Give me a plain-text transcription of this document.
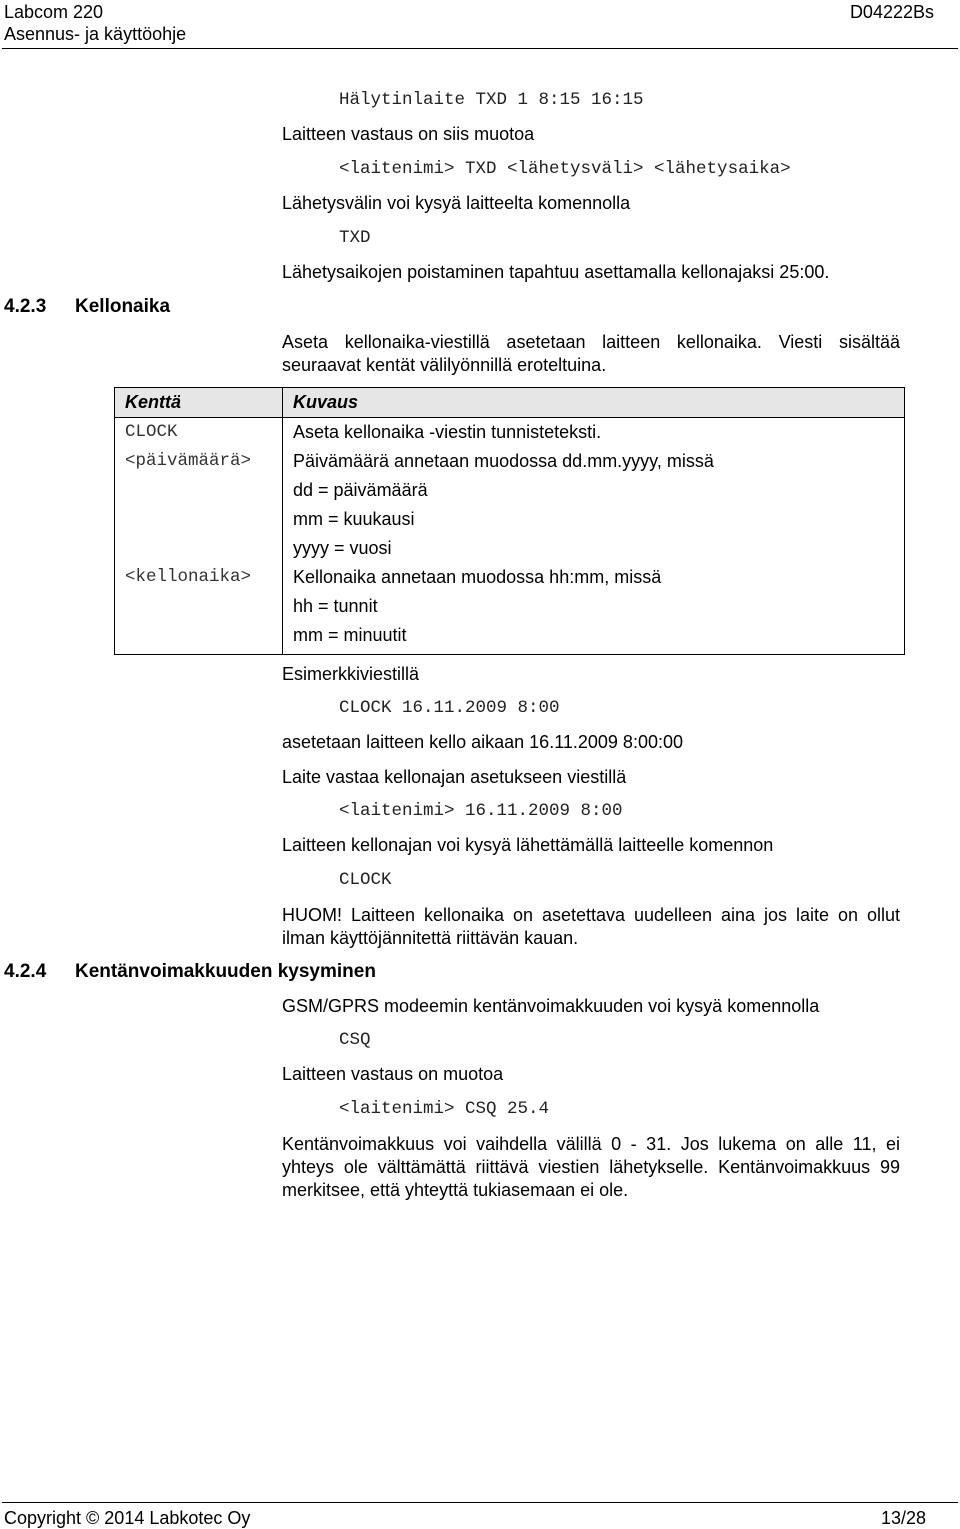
Labcom 220
Asennus- ja käyttöohje
D04222Bs
Hälytinlaite TXD 1 8:15 16:15
Laitteen vastaus on siis muotoa
<laitenimi> TXD <lähetysväli> <lähetysaika>
Lähetysvälin voi kysyä laitteelta komennolla
TXD
Lähetysaikojen poistaminen tapahtuu asettamalla kellonajaksi 25:00.
4.2.3 Kellonaika
Aseta kellonaika-viestillä asetetaan laitteen kellonaika. Viesti sisältää seuraavat kentät välilyönnillä eroteltuina.
Kenttä	Kuvaus

CLOCK	Aseta kellonaika -viestin tunnisteteksti.

<päivämäärä>	Päivämäärä annetaan muodossa dd.mm.yyyy, missä
dd = päivämäärä
mm = kuukausi
yyyy = vuosi

<kellonaika>	Kellonaika annetaan muodossa hh:mm, missä
hh = tunnit
mm = minuutit
Esimerkkiviestillä
CLOCK 16.11.2009 8:00
asetetaan laitteen kello aikaan 16.11.2009 8:00:00
Laite vastaa kellonajan asetukseen viestillä
<laitenimi> 16.11.2009 8:00
Laitteen kellonajan voi kysyä lähettämällä laitteelle komennon
CLOCK
HUOM! Laitteen kellonaika on asetettava uudelleen aina jos laite on ollut ilman käyttöjännitettä riittävän kauan.
4.2.4 Kentänvoimakkuuden kysyminen
GSM/GPRS modeemin kentänvoimakkuuden voi kysyä komennolla
CSQ
Laitteen vastaus on muotoa
<laitenimi> CSQ 25.4
Kentänvoimakkuus voi vaihdella välillä 0 - 31. Jos lukema on alle 11, ei yhteys ole välttämättä riittävä viestien lähetykselle. Kentänvoimakkuus 99 merkitsee, että yhteyttä tukiasemaan ei ole.
Copyright © 2014 Labkotec Oy	13/28
